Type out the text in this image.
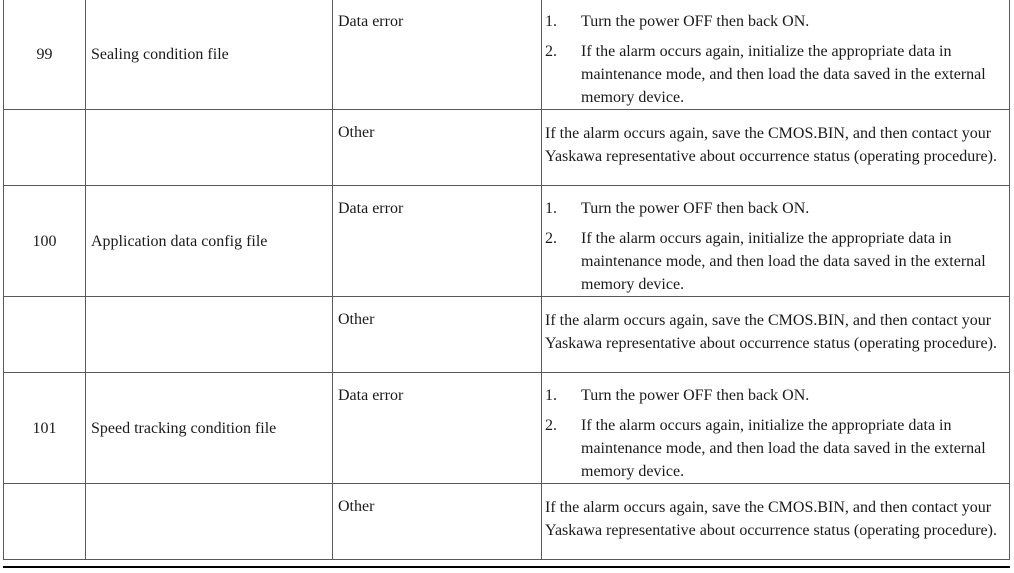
99	Sealing condition file	Data error	1. Turn the power OFF then back ON.
2. If the alarm occurs again, initialize the appropriate data in maintenance mode, and then load the data saved in the external memory device.

		Other	If the alarm occurs again, save the CMOS.BIN, and then contact your Yaskawa representative about occurrence status (operating procedure).
100	Application data config file	Data error	1. Turn the power OFF then back ON.
2. If the alarm occurs again, initialize the appropriate data in maintenance mode, and then load the data saved in the external memory device.

		Other	If the alarm occurs again, save the CMOS.BIN, and then contact your Yaskawa representative about occurrence status (operating procedure).
101	Speed tracking condition file	Data error	1. Turn the power OFF then back ON.
2. If the alarm occurs again, initialize the appropriate data in maintenance mode, and then load the data saved in the external memory device.

		Other	If the alarm occurs again, save the CMOS.BIN, and then contact your Yaskawa representative about occurrence status (operating procedure).
